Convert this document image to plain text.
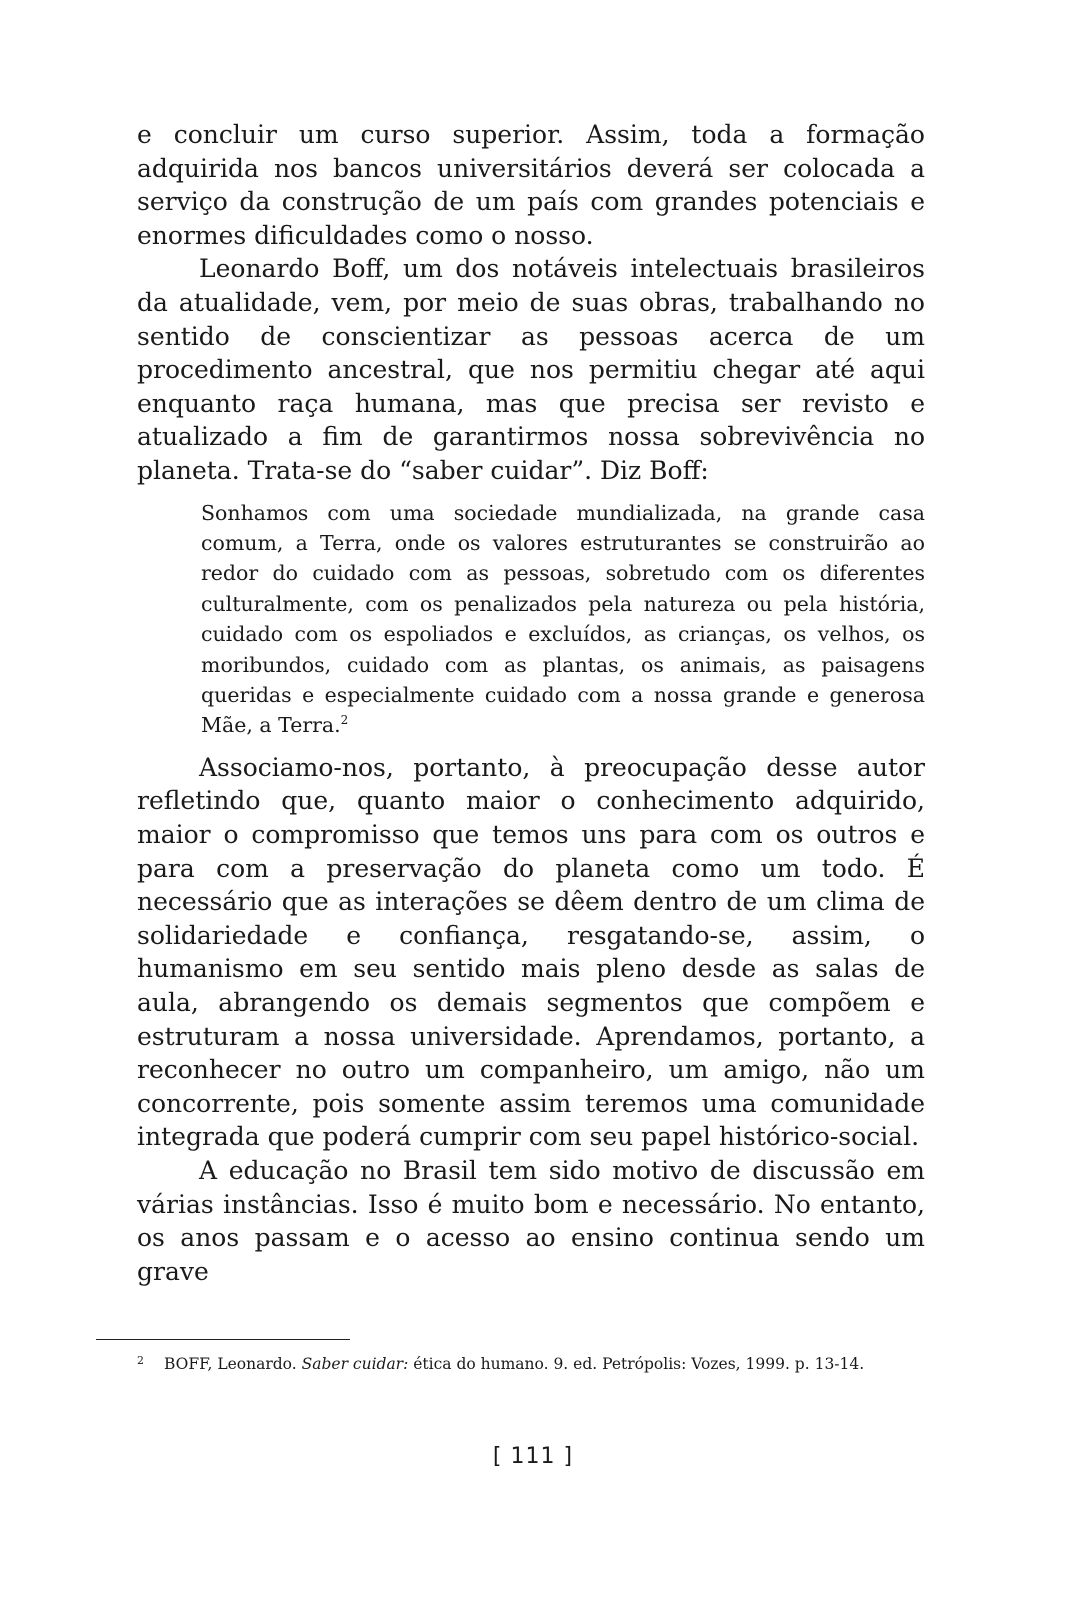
e concluir um curso superior. Assim, toda a formação adquirida nos bancos universitários deverá ser colocada a serviço da construção de um país com grandes potenciais e enormes dificuldades como o nosso.

Leonardo Boff, um dos notáveis intelectuais brasileiros da atualidade, vem, por meio de suas obras, trabalhando no sentido de conscientizar as pessoas acerca de um procedimento ancestral, que nos permitiu chegar até aqui enquanto raça humana, mas que precisa ser revisto e atualizado a fim de garantirmos nossa sobrevivência no planeta. Trata-se do “saber cuidar”. Diz Boff:

Sonhamos com uma sociedade mundializada, na grande casa comum, a Terra, onde os valores estruturantes se construirão ao redor do cuidado com as pessoas, sobretudo com os diferentes culturalmente, com os penalizados pela natureza ou pela história, cuidado com os espoliados e excluídos, as crianças, os velhos, os moribundos, cuidado com as plantas, os animais, as paisagens queridas e especialmente cuidado com a nossa grande e generosa Mãe, a Terra.$^2$

Associamo-nos, portanto, à preocupação desse autor refletindo que, quanto maior o conhecimento adquirido, maior o compromisso que temos uns para com os outros e para com a preservação do planeta como um todo. É necessário que as interações se dêem dentro de um clima de solidariedade e confiança, resgatando-se, assim, o humanismo em seu sentido mais pleno desde as salas de aula, abrangendo os demais segmentos que compõem e estruturam a nossa universidade. Aprendamos, portanto, a reconhecer no outro um companheiro, um amigo, não um concorrente, pois somente assim teremos uma comunidade integrada que poderá cumprir com seu papel histórico-social.

A educação no Brasil tem sido motivo de discussão em várias instâncias. Isso é muito bom e necessário. No entanto, os anos passam e o acesso ao ensino continua sendo um grave

2	BOFF, Leonardo. Saber cuidar: ética do humano. 9. ed. Petrópolis: Vozes, 1999. p. 13-14.
[ 111 ]
